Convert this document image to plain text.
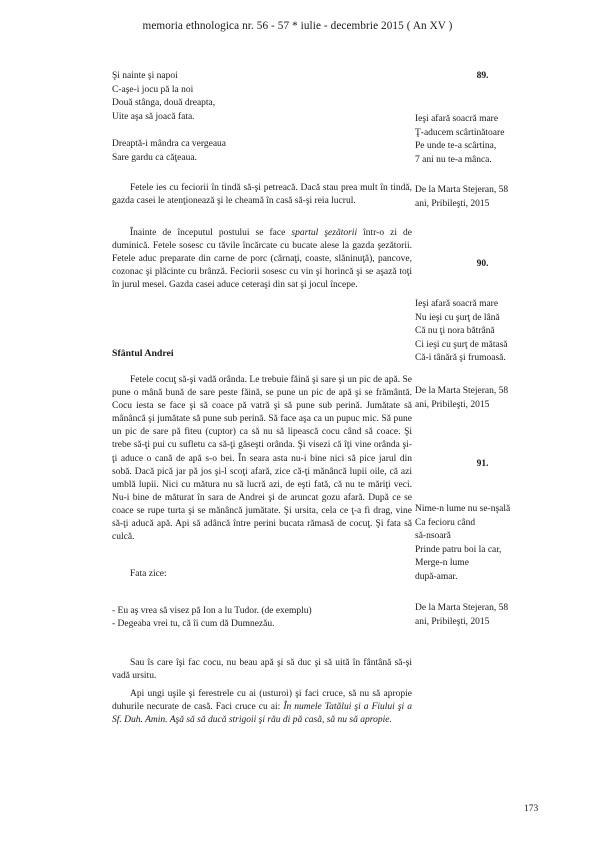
memoria ethnologica nr. 56 - 57 * iulie - decembrie 2015 ( An XV )
Şi nainte şi napoi
C-aşe-i jocu pă la noi
Două stânga, două dreapta,
Uite aşa să joacă fata.
Dreaptă-i mândra ca vergeaua
Sare gardu ca căţeaua.

Fetele ies cu feciorii în tindă să-şi petreacă. Dacă stau prea mult în tindă, gazda casei le atenţionează şi le cheamă în casă să-şi reia lucrul.

Înainte de începutul postului se face spartul şezătorii într-o zi de duminică. Fetele sosesc cu tăvile încărcate cu bucate alese la gazda şezătorii. Fetele aduc preparate din carne de porc (cârnaţi, coaste, slăninuţă), pancove, cozonac şi plăcinte cu brânză. Feciorii sosesc cu vin şi horincă şi se aşază toţi în jurul mesei. Gazda casei aduce ceteraşi din sat şi jocul începe.

Sfântul Andrei

Fetele cocuţ să-şi vadă orânda. Le trebuie făină şi sare şi un pic de apă. Se pune o mână bună de sare peste făină, se pune un pic de apă şi se frământă. Cocu iesta se face şi să coace pă vatră şi să pune sub perină. Jumătate să mânâncă şi jumătate să pune sub perină. Să face aşa ca un pupuc mic. Să pune un pic de sare pă fiteu (cuptor) ca să nu să lipească cocu când să coace. Şi trebe să-ţi pui cu sufletu ca să-ţi găseşti orânda. Şi visezi că îţi vine orânda şi-ţi aduce o cană de apă s-o bei. În seara asta nu-i bine nici să pice jarul din sobă. Dacă pică jar pă jos şi-l scoţi afară, zice că-ţi mănâncă lupii oile, că azi umblă lupii. Nici cu mătura nu să lucră azi, de eşti fată, că nu te măriţi veci. Nu-i bine de măturat în sara de Andrei şi de aruncat gozu afară. După ce se coace se rupe turta şi se mănâncă jumătate. Şi ursita, cela ce ţ-a fi drag, vine să-ţi aducă apă. Api să adâncă între perini bucata rămasă de cocuţ. Şi fata să culcă.

Fata zice:
- Eu aş vrea să visez pă Ion a lu Tudor. (de exemplu)
- Degeaba vrei tu, că îi cum dă Dumnezău.

Sau îs care îşi fac cocu, nu beau apă şi să duc şi să uită în fântână să-şi vadă ursitu.

Api ungi uşile şi ferestrele cu ai (usturoi) şi faci cruce, să nu să apropie duhurile necurate de casă. Faci cruce cu ai: În numele Tatălui şi a Fiului şi a Sf. Duh. Amin. Aşă să să ducă strigoii şi rău di pă casă, să nu să apropie.

89.
Ieşi afară soacră mare
Ţ-aducem scârtinătoare
Pe unde te-a scârtina,
7 ani nu te-a mânca.
De la Marta Stejeran, 58
ani, Pribileşti, 2015
90.
Ieşi afară soacră mare
Nu ieşi cu şurţ de lână
Că nu ţi nora bătrână
Ci ieşi cu şurţ de mătasă
Că-i tânără şi frumoasă.
De la Marta Stejeran, 58
ani, Pribileşti, 2015
91.
Nime-n lume nu se-nşală
Ca fecioru când
să-nsoară
Prinde patru boi la car,
Merge-n lume
după-amar.
De la Marta Stejeran, 58
ani, Pribileşti, 2015
173
